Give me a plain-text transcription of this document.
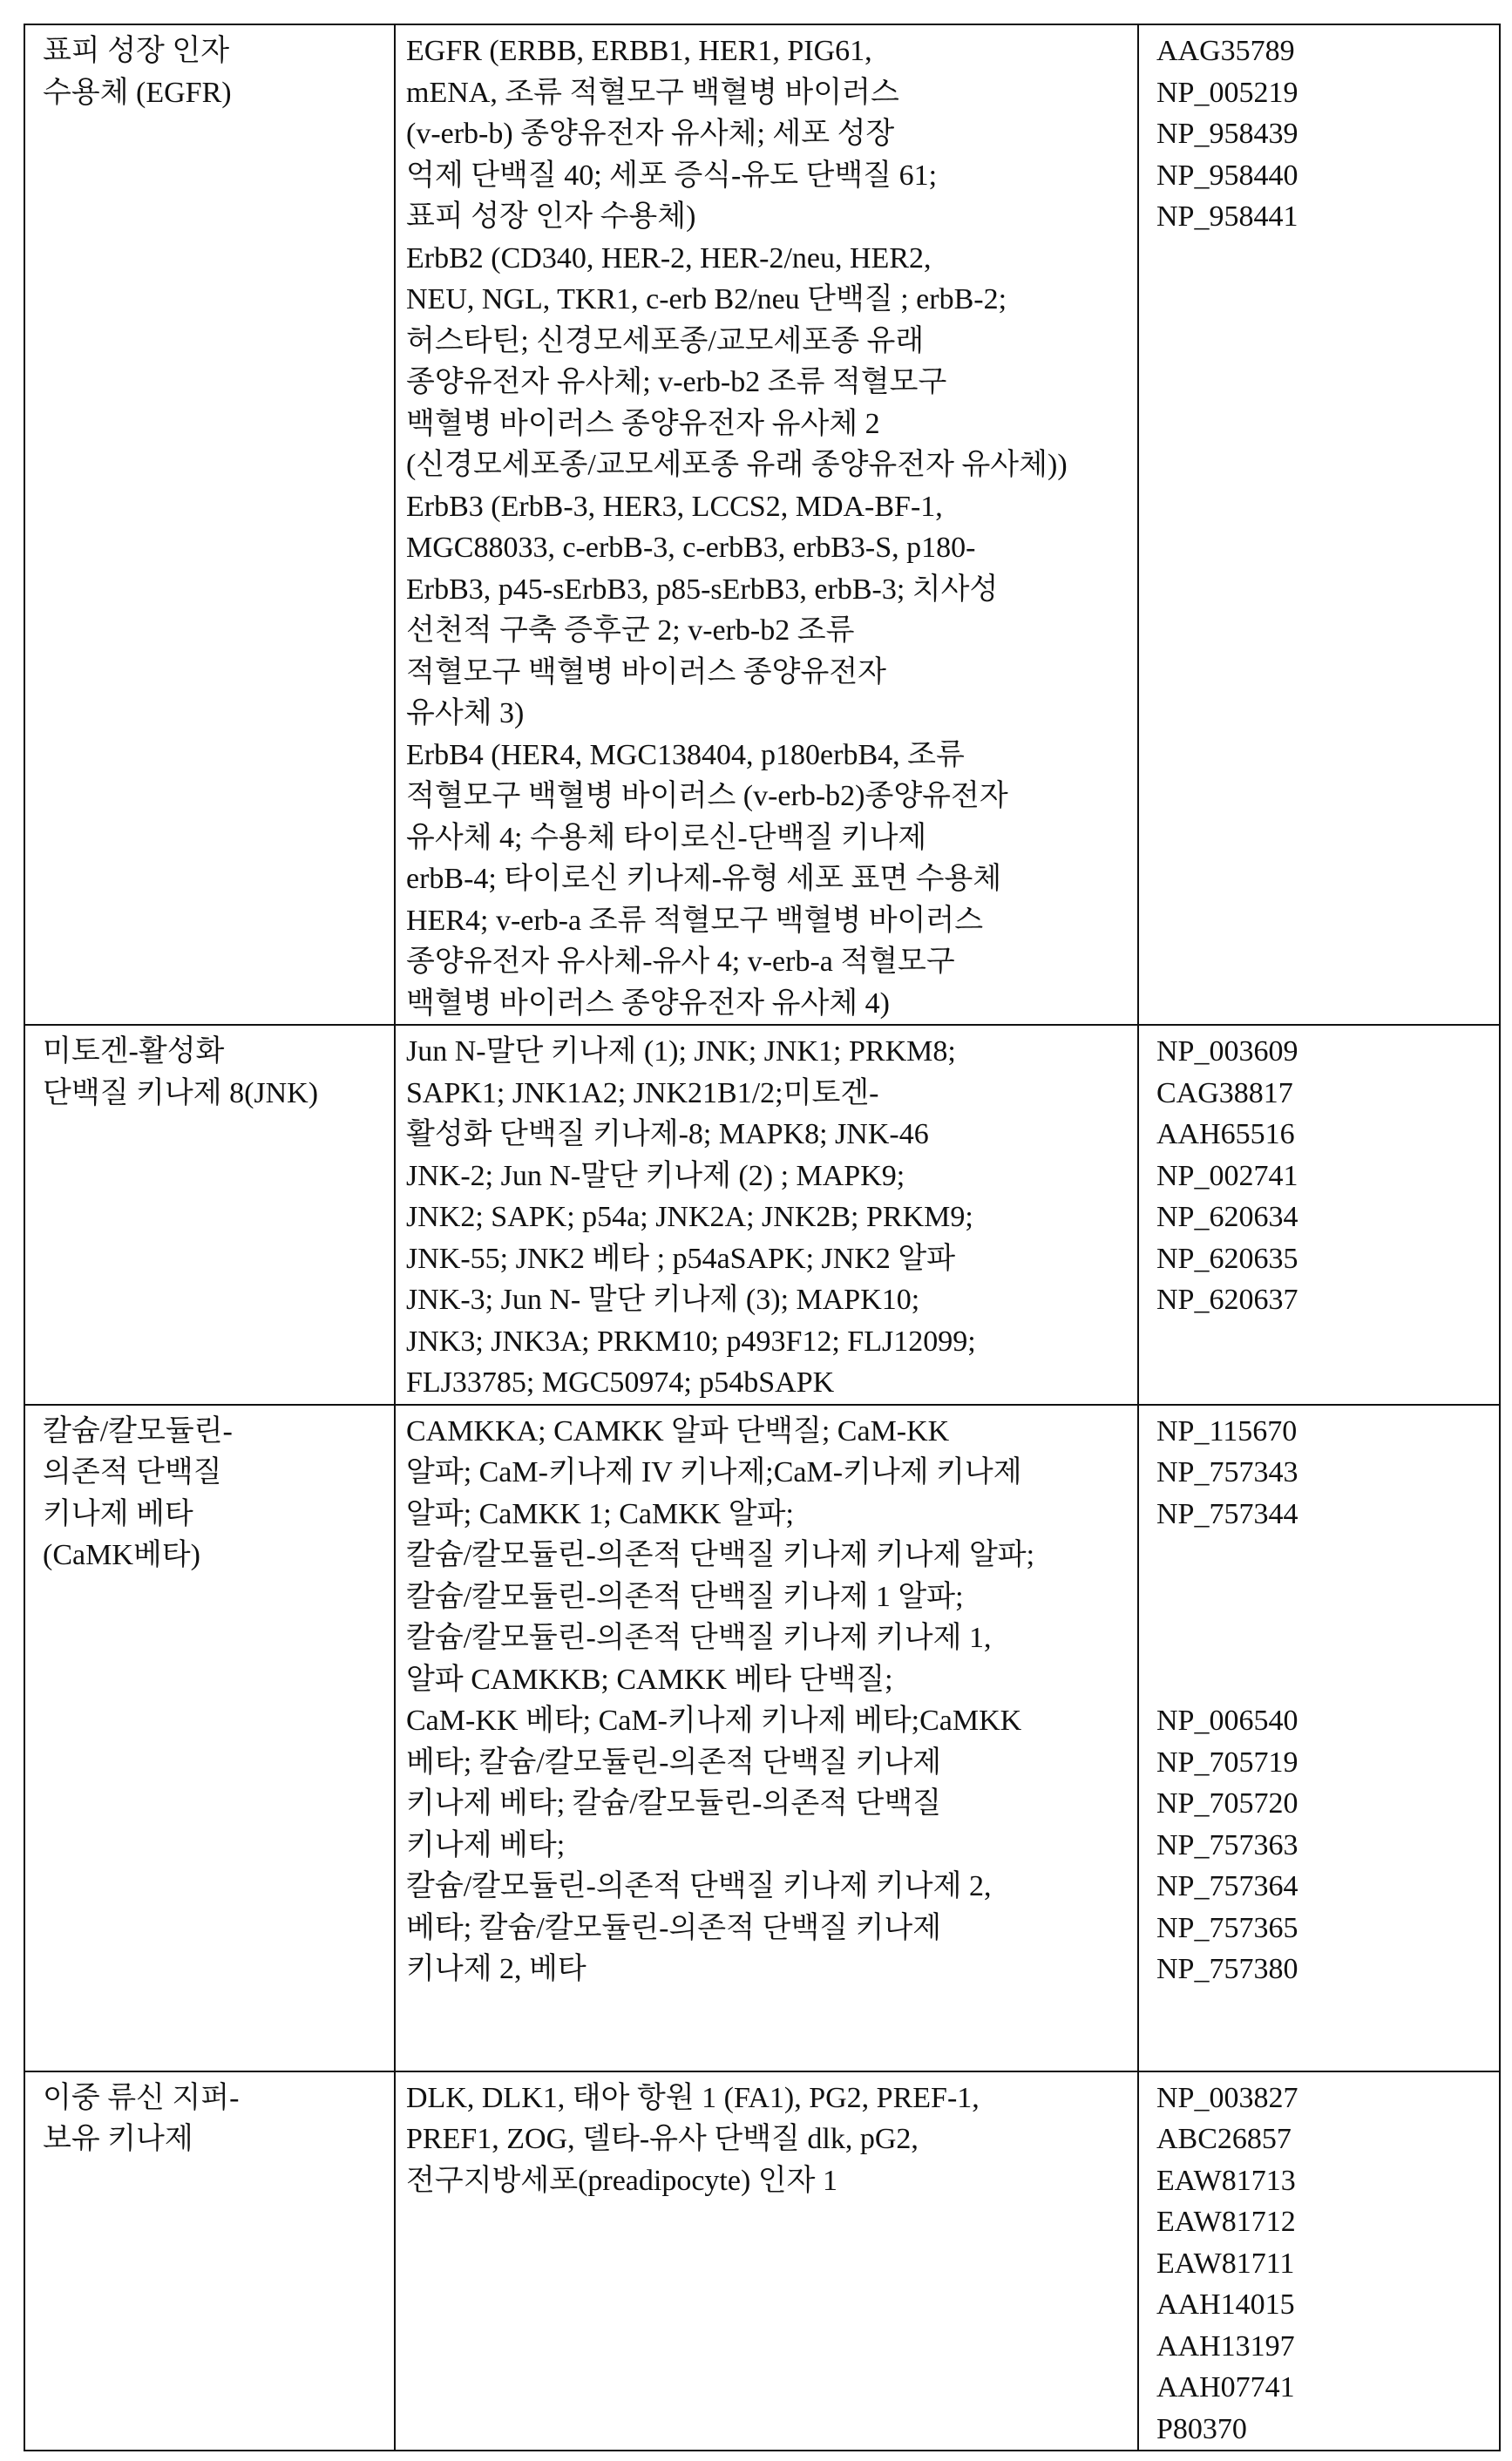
표피 성장 인자
수용체 (EGFR)

EGFR (ERBB, ERBB1, HER1, PIG61,
mENA, 조류 적혈모구 백혈병 바이러스
(v-erb-b) 종양유전자 유사체; 세포 성장
억제 단백질 40; 세포 증식-유도 단백질 61;
표피 성장 인자 수용체)
ErbB2 (CD340, HER-2, HER-2/neu, HER2,
NEU, NGL, TKR1, c-erb B2/neu 단백질 ; erbB-2;
허스타틴; 신경모세포종/교모세포종 유래
종양유전자 유사체; v-erb-b2 조류 적혈모구
백혈병 바이러스 종양유전자 유사체 2
(신경모세포종/교모세포종 유래 종양유전자 유사체))
ErbB3 (ErbB-3, HER3, LCCS2, MDA-BF-1,
MGC88033, c-erbB-3, c-erbB3, erbB3-S, p180-
ErbB3, p45-sErbB3, p85-sErbB3, erbB-3; 치사성
선천적 구축 증후군 2; v-erb-b2 조류
적혈모구 백혈병 바이러스 종양유전자
유사체 3)
ErbB4 (HER4, MGC138404, p180erbB4, 조류
적혈모구 백혈병 바이러스 (v-erb-b2)종양유전자
유사체 4; 수용체 타이로신-단백질 키나제
erbB-4; 타이로신 키나제-유형 세포 표면 수용체
HER4; v-erb-a 조류 적혈모구 백혈병 바이러스
종양유전자 유사체-유사 4; v-erb-a 적혈모구
백혈병 바이러스 종양유전자 유사체 4)

AAG35789
NP_005219
NP_958439
NP_958440
NP_958441

미토겐-활성화
단백질 키나제 8(JNK)

Jun N-말단 키나제 (1); JNK; JNK1; PRKM8;
SAPK1; JNK1A2; JNK21B1/2;미토겐-
활성화 단백질 키나제-8; MAPK8; JNK-46
JNK-2; Jun N-말단 키나제 (2) ; MAPK9;
JNK2; SAPK; p54a; JNK2A; JNK2B; PRKM9;
JNK-55; JNK2 베타 ; p54aSAPK; JNK2 알파
JNK-3; Jun N- 말단 키나제 (3); MAPK10;
JNK3; JNK3A; PRKM10; p493F12; FLJ12099;
FLJ33785; MGC50974; p54bSAPK

NP_003609
CAG38817
AAH65516
NP_002741
NP_620634
NP_620635
NP_620637

칼슘/칼모듈린-
의존적 단백질
키나제 베타
(CaMK베타)

CAMKKA; CAMKK 알파 단백질; CaM-KK
알파; CaM-키나제 IV 키나제;CaM-키나제 키나제
알파; CaMKK 1; CaMKK 알파;
칼슘/칼모듈린-의존적 단백질 키나제 키나제 알파;
칼슘/칼모듈린-의존적 단백질 키나제 1 알파;
칼슘/칼모듈린-의존적 단백질 키나제 키나제 1,
알파 CAMKKB; CAMKK 베타 단백질;
CaM-KK 베타; CaM-키나제 키나제 베타;CaMKK
베타; 칼슘/칼모듈린-의존적 단백질 키나제
키나제 베타; 칼슘/칼모듈린-의존적 단백질
키나제 베타;
칼슘/칼모듈린-의존적 단백질 키나제 키나제 2,
베타; 칼슘/칼모듈린-의존적 단백질 키나제
키나제 2, 베타

NP_115670
NP_757343
NP_757344
NP_006540
NP_705719
NP_705720
NP_757363
NP_757364
NP_757365
NP_757380

이중 류신 지퍼-
보유 키나제

DLK, DLK1, 태아 항원 1 (FA1), PG2, PREF-1,
PREF1, ZOG, 델타-유사 단백질 dlk, pG2,
전구지방세포(preadipocyte) 인자 1

NP_003827
ABC26857
EAW81713
EAW81712
EAW81711
AAH14015
AAH13197
AAH07741
P80370
